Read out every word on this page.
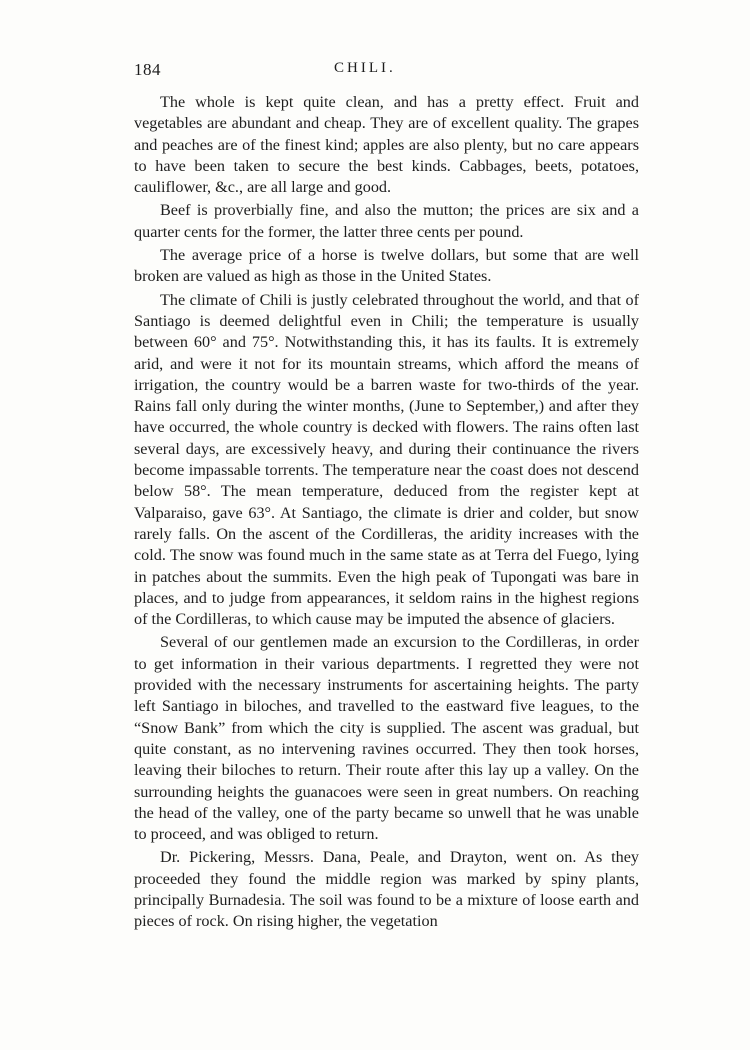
184	CHILI.

The whole is kept quite clean, and has a pretty effect. Fruit and vegetables are abundant and cheap. They are of excellent quality. The grapes and peaches are of the finest kind; apples are also plenty, but no care appears to have been taken to secure the best kinds. Cabbages, beets, potatoes, cauliflower, &c., are all large and good.

Beef is proverbially fine, and also the mutton; the prices are six and a quarter cents for the former, the latter three cents per pound.

The average price of a horse is twelve dollars, but some that are well broken are valued as high as those in the United States.

The climate of Chili is justly celebrated throughout the world, and that of Santiago is deemed delightful even in Chili; the temperature is usually between 60° and 75°. Notwithstanding this, it has its faults. It is extremely arid, and were it not for its mountain streams, which afford the means of irrigation, the country would be a barren waste for two-thirds of the year. Rains fall only during the winter months, (June to September,) and after they have occurred, the whole country is decked with flowers. The rains often last several days, are excessively heavy, and during their continuance the rivers become impassable torrents. The temperature near the coast does not descend below 58°. The mean temperature, deduced from the register kept at Valparaiso, gave 63°. At Santiago, the climate is drier and colder, but snow rarely falls. On the ascent of the Cordilleras, the aridity increases with the cold. The snow was found much in the same state as at Terra del Fuego, lying in patches about the summits. Even the high peak of Tupongati was bare in places, and to judge from appearances, it seldom rains in the highest regions of the Cordilleras, to which cause may be imputed the absence of glaciers.

Several of our gentlemen made an excursion to the Cordilleras, in order to get information in their various departments. I regretted they were not provided with the necessary instruments for ascertaining heights. The party left Santiago in biloches, and travelled to the eastward five leagues, to the “Snow Bank” from which the city is supplied. The ascent was gradual, but quite constant, as no intervening ravines occurred. They then took horses, leaving their biloches to return. Their route after this lay up a valley. On the surrounding heights the guanacoes were seen in great numbers. On reaching the head of the valley, one of the party became so unwell that he was unable to proceed, and was obliged to return.

Dr. Pickering, Messrs. Dana, Peale, and Drayton, went on. As they proceeded they found the middle region was marked by spiny plants, principally Burnadesia. The soil was found to be a mixture of loose earth and pieces of rock. On rising higher, the vegetation
